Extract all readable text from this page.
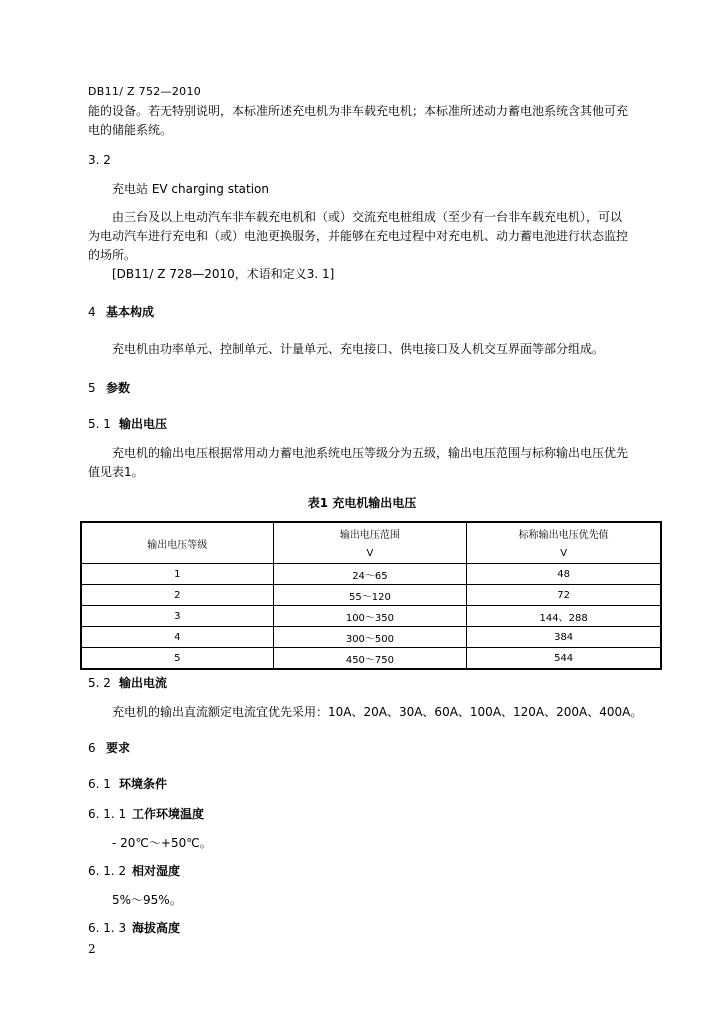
DB11/ Z 752—2010
能的设备。若无特别说明，本标准所述充电机为非车载充电机；本标准所述动力蓄电池系统含其他可充
电的储能系统。
3. 2
充电站 EV charging station
由三台及以上电动汽车非车载充电机和（或）交流充电桩组成（至少有一台非车载充电机），可以
为电动汽车进行充电和（或）电池更换服务，并能够在充电过程中对充电机、动力蓄电池进行状态监控
的场所。
[DB11/ Z 728—2010，术语和定义3. 1]
4 基本构成
充电机由功率单元、控制单元、计量单元、充电接口、供电接口及人机交互界面等部分组成。
5 参数
5. 1 输出电压
充电机的输出电压根据常用动力蓄电池系统电压等级分为五级，输出电压范围与标称输出电压优先
值见表1。
表1 充电机输出电压
输出电压等级	输出电压范围	标称输出电压优先值
	V	V
1	24～65	48
2	55～120	72
3	100～350	144、288
4	300～500	384
5	450～750	544
5. 2 输出电流
充电机的输出直流额定电流宜优先采用：10A、20A、30A、60A、100A、120A、200A、400A。
6 要求
6. 1 环境条件
6. 1. 1 工作环境温度
- 20℃～+50℃。
6. 1. 2 相对湿度
5%～95%。
6. 1. 3 海拔高度
2
